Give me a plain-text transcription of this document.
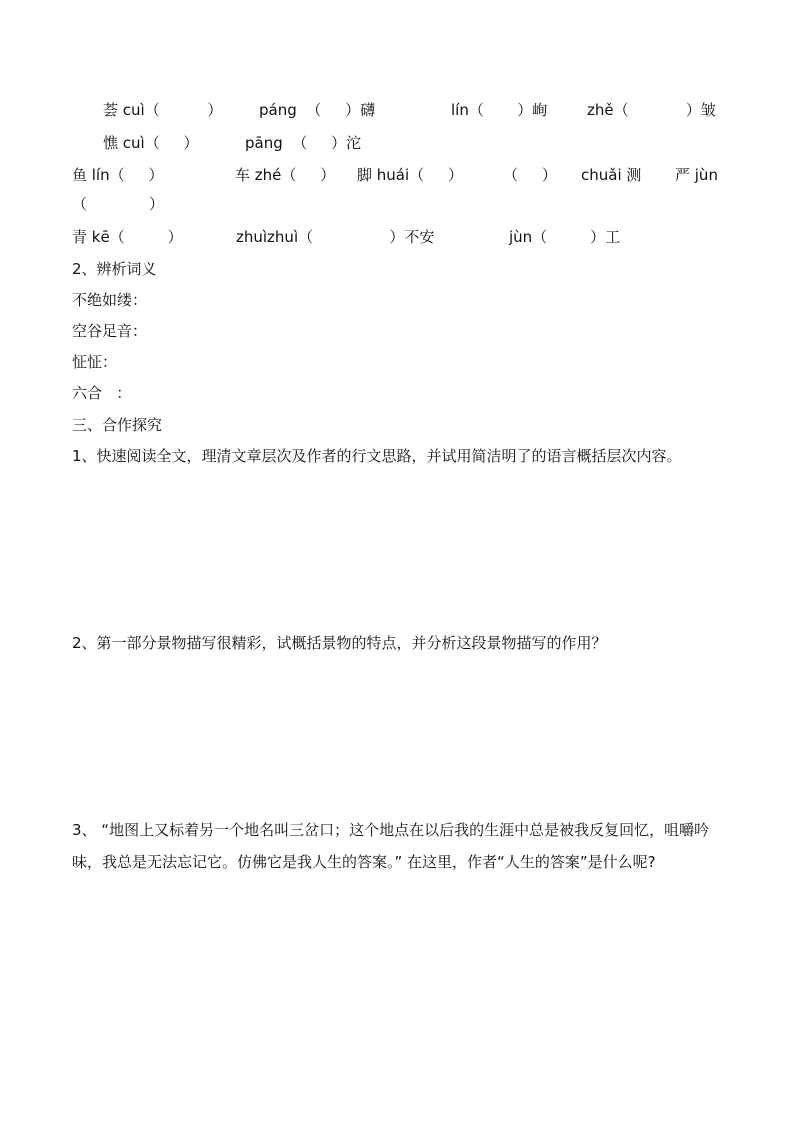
荟 cuì（          ）

páng  （     ）礴

	lín（       ）峋

	zhě（            ）皱

憔 cuì（     ）

	pāng  （     ）沱

鱼 lín（     ）

	车 zhé（     ）

脚 huái（     ）

	（     ）

chuǎi 测

严 jùn

（             ）

青 kē（         ）

	zhuìzhuì（                ）不安

	jùn（         ）工

2、辨析词义
不绝如缕：
空谷足音：
怔怔：
六合   ：
三、合作探究
1、快速阅读全文，理清文章层次及作者的行文思路，并试用简洁明了的语言概括层次内容。
2、第一部分景物描写很精彩，试概括景物的特点，并分析这段景物描写的作用？
3、 “地图上又标着另一个地名叫三岔口；这个地点在以后我的生涯中总是被我反复回忆，咀嚼吟味，我总是无法忘记它。仿佛它是我人生的答案。” 在这里，作者“人生的答案”是什么呢?
